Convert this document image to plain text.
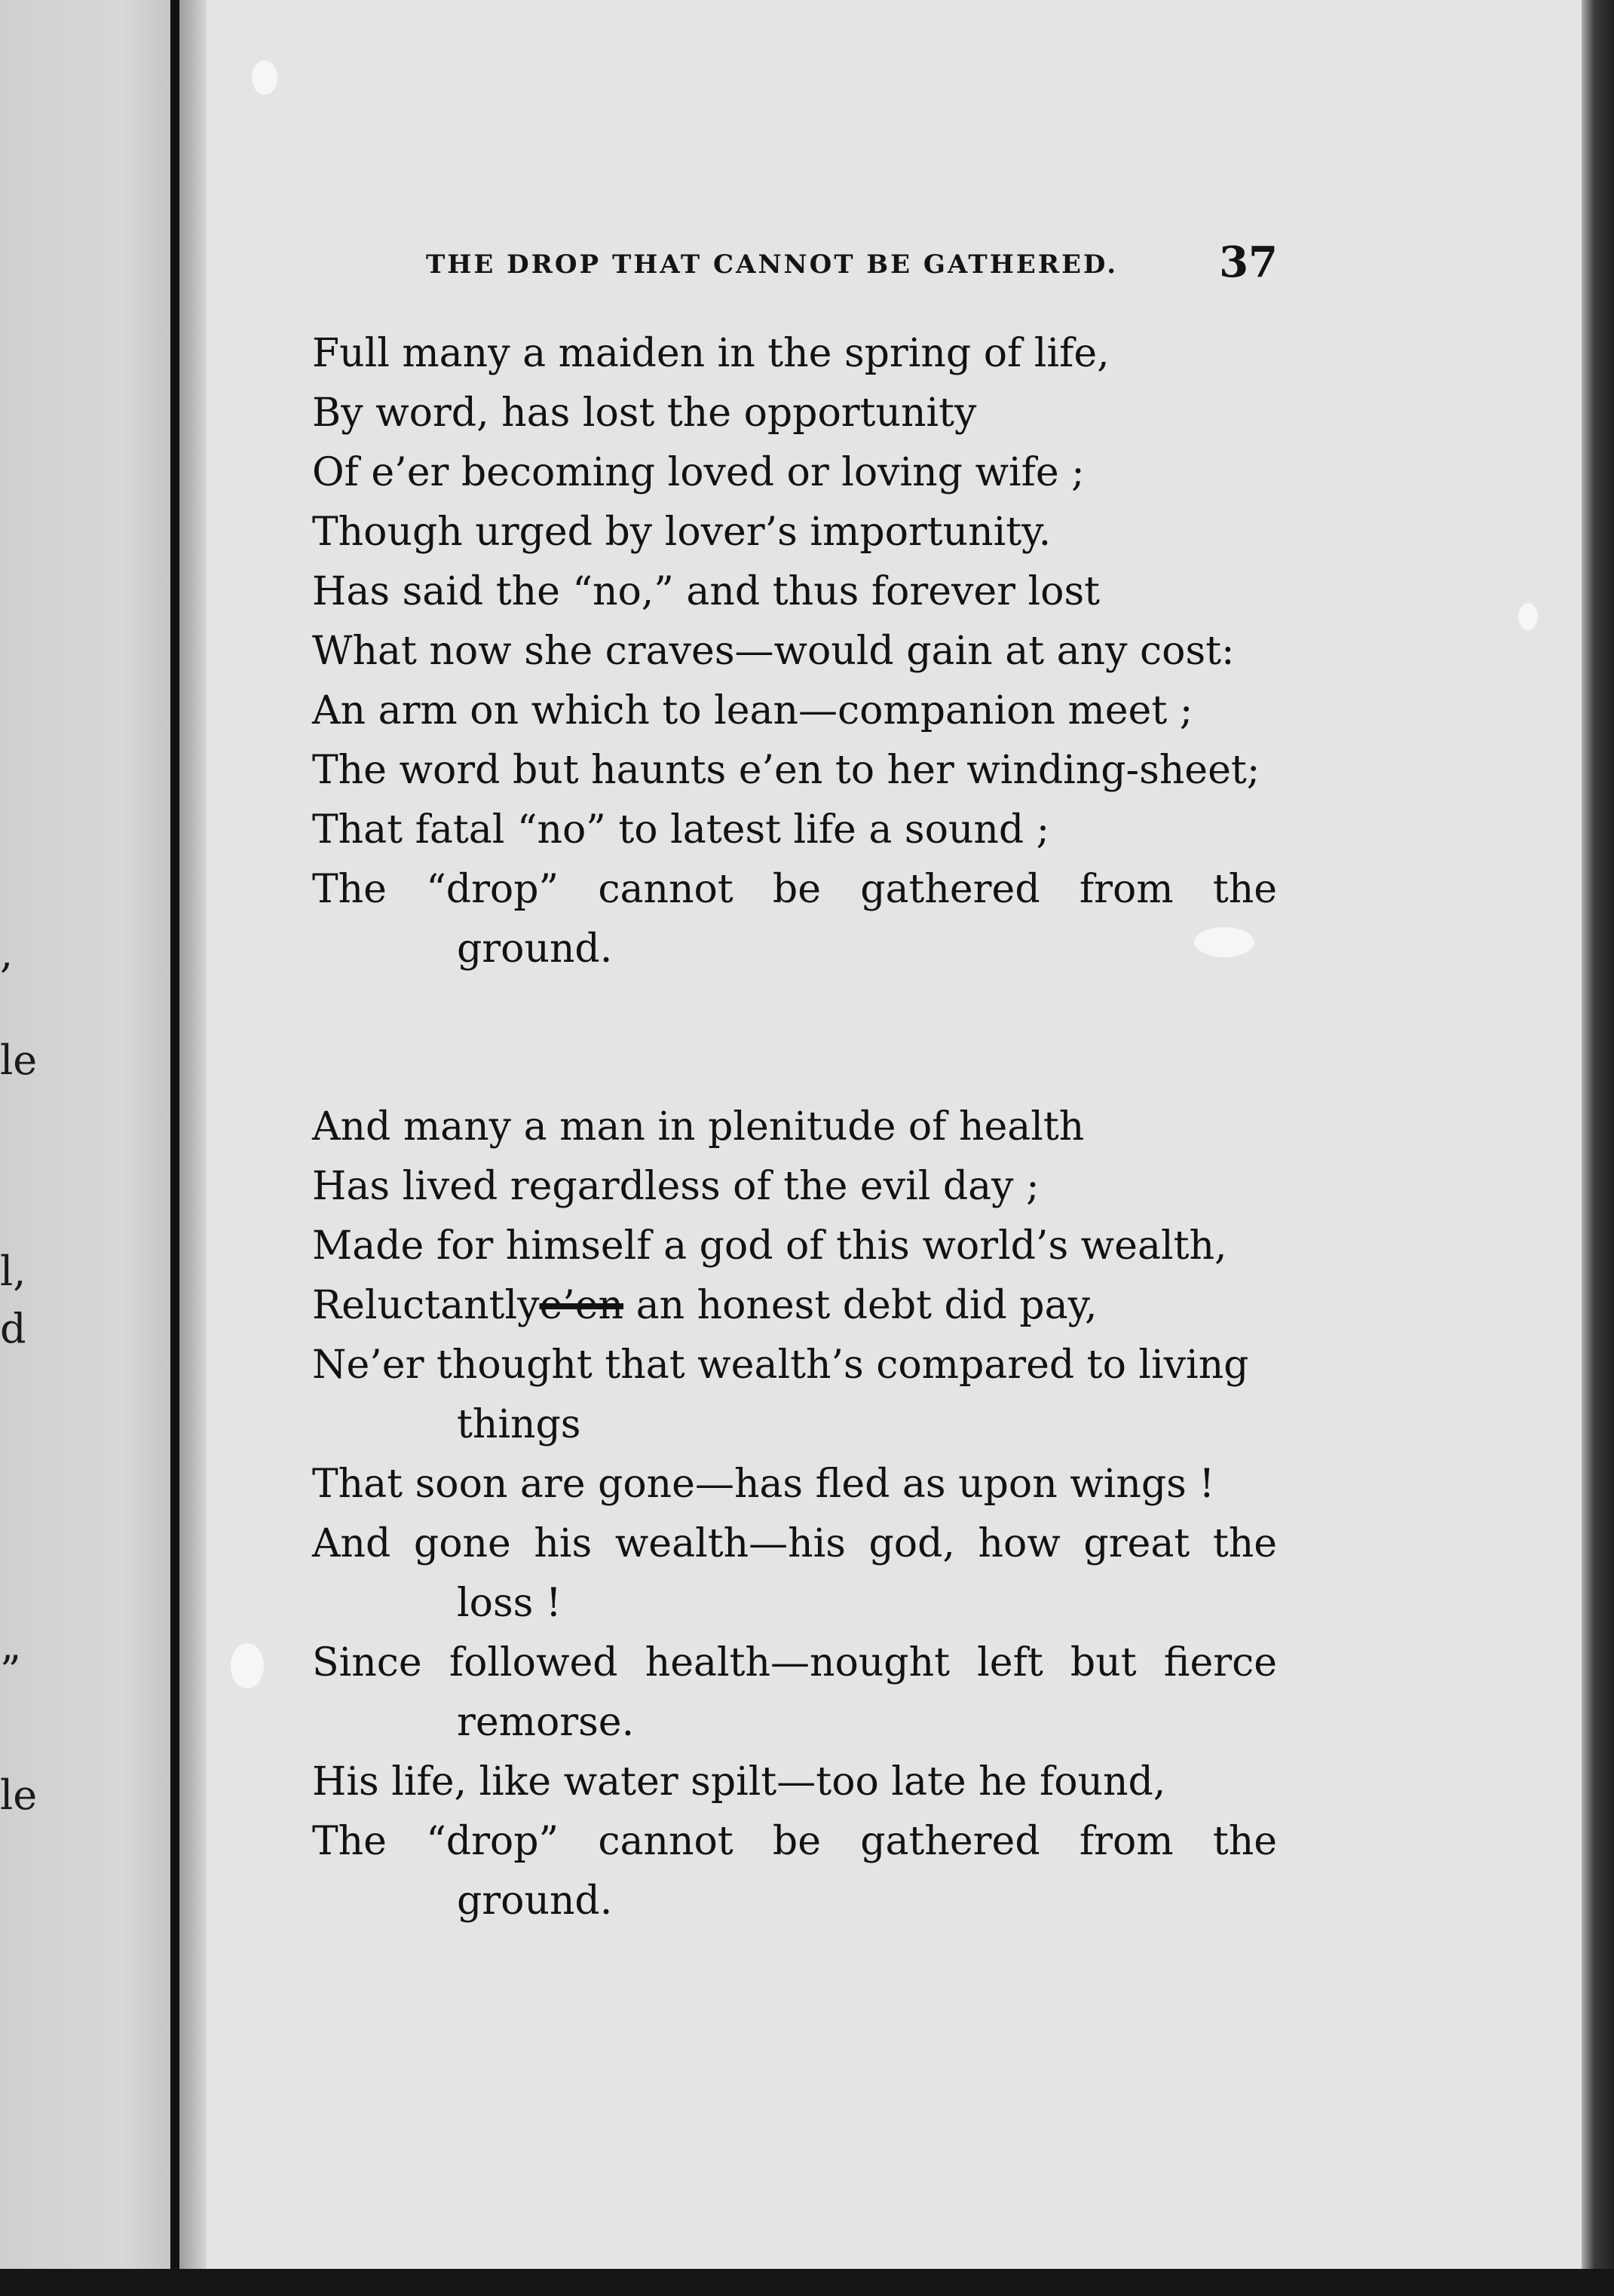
,
le
l,
d
”
le
THE DROP THAT CANNOT BE GATHERED. 37
Full many a maiden in the spring of life,
By word, has lost the opportunity
Of e’er becoming loved or loving wife ;
Though urged by lover’s importunity.
Has said the “no,” and thus forever lost
What now she craves—would gain at any cost:
An arm on which to lean—companion meet ;
The word but haunts e’en to her winding-sheet;
That fatal “no” to latest life a sound ;
The “drop” cannot be gathered from the
ground.
And many a man in plenitude of health
Has lived regardless of the evil day ;
Made for himself a god of this world’s wealth,
Reluctantlye’en an honest debt did pay,
Ne’er thought that wealth’s compared to living
things
That soon are gone—has fled as upon wings !
And gone his wealth—his god, how great the
loss !
Since followed health—nought left but fierce
remorse.
His life, like water spilt—too late he found,
The “drop” cannot be gathered from the
ground.
